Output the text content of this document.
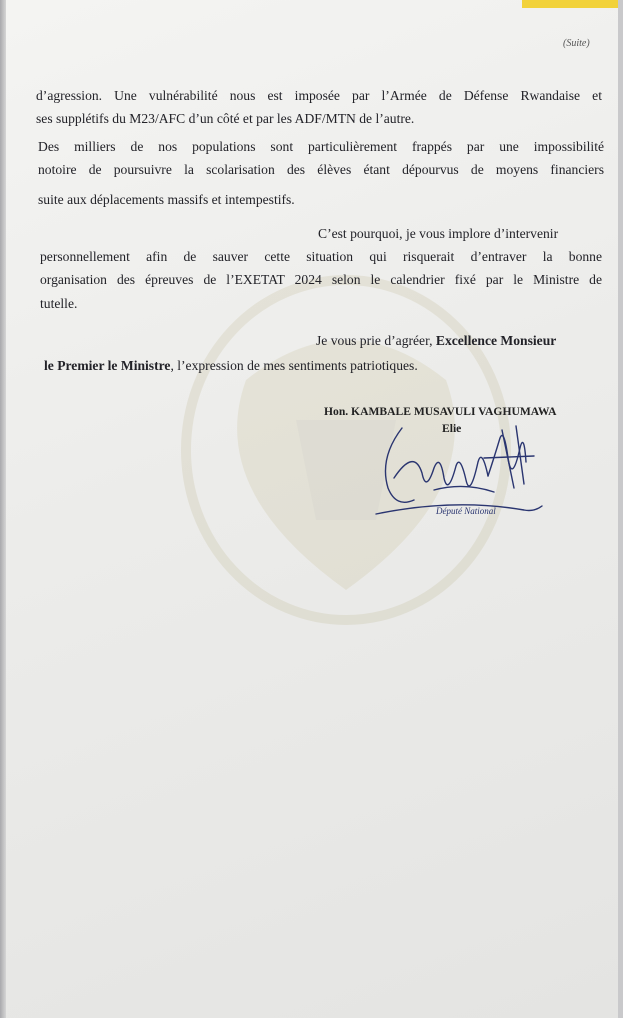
(Suite)
d’agression. Une vulnérabilité nous est imposée par l’Armée de Défense Rwandaise et
ses supplétifs du M23/AFC d’un côté et par les ADF/MTN de l’autre.
Des milliers de nos populations sont particulièrement frappés par une impossibilité
notoire de poursuivre la scolarisation des élèves étant dépourvus de moyens financiers
suite aux déplacements massifs et intempestifs.
C’est pourquoi, je vous implore d’intervenir
personnellement afin de sauver cette situation qui risquerait d’entraver la bonne
organisation des épreuves de l’EXETAT 2024 selon le calendrier fixé par le Ministre de
tutelle.
Je vous prie d’agréer, Excellence Monsieur
le Premier le Ministre, l’expression de mes sentiments patriotiques.
Hon. KAMBALE MUSAVULI VAGHUMAWA
Elie
Député National
